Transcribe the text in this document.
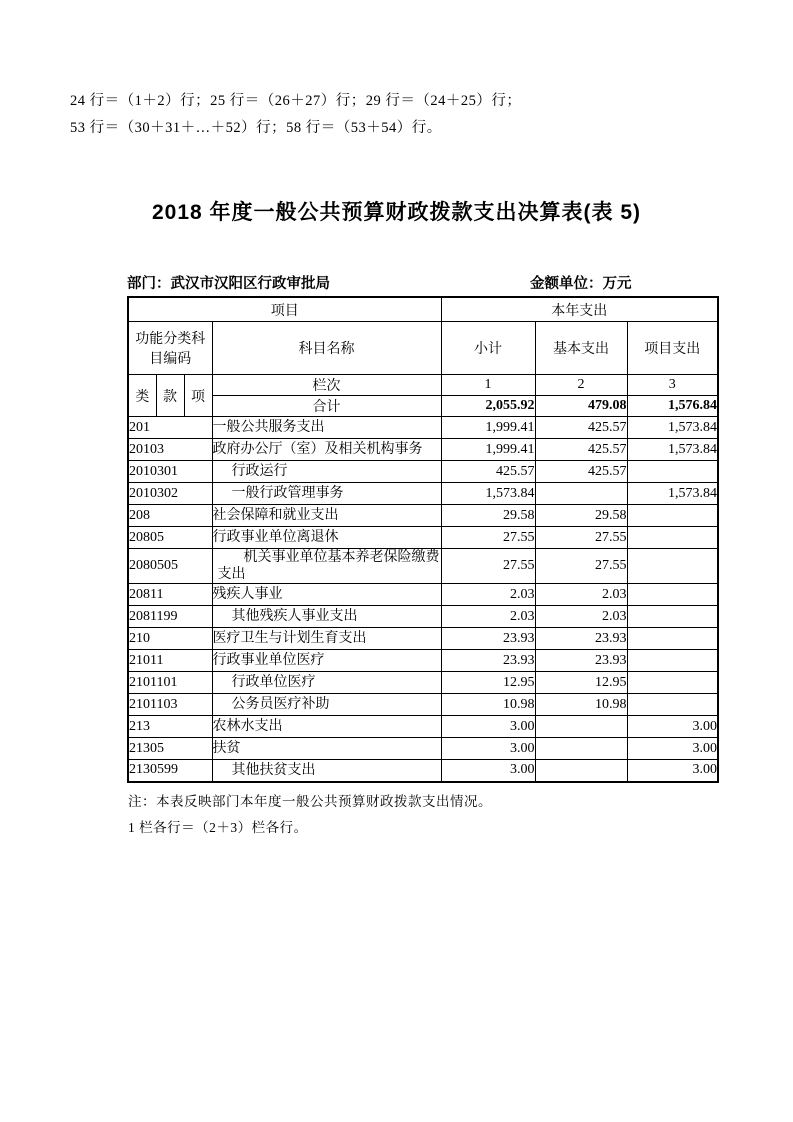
24 行＝（1＋2）行；25 行＝（26＋27）行；29 行＝（24＋25）行；
53 行＝（30＋31＋…＋52）行；58 行＝（53＋54）行。
2018 年度一般公共预算财政拨款支出决算表(表 5)
部门：武汉市汉阳区行政审批局	金额单位：万元
项目				本年支出		
功能分类科目编码			科目名称	小计	基本支出	项目支出
类	款	项	栏次	1	2	3
			合计	2,055.92	479.08	1,576.84
201			一般公共服务支出	1,999.41	425.57	1,573.84
20103			政府办公厅（室）及相关机构事务	1,999.41	425.57	1,573.84
2010301			行政运行	425.57	425.57	
2010302			一般行政管理事务	1,573.84		1,573.84
208			社会保障和就业支出	29.58	29.58	
20805			行政事业单位离退休	27.55	27.55	
2080505			机关事业单位基本养老保险缴费支出	27.55	27.55	
20811			残疾人事业	2.03	2.03	
2081199			其他残疾人事业支出	2.03	2.03	
210			医疗卫生与计划生育支出	23.93	23.93	
21011			行政事业单位医疗	23.93	23.93	
2101101			行政单位医疗	12.95	12.95	
2101103			公务员医疗补助	10.98	10.98	
213			农林水支出	3.00		3.00
21305			扶贫	3.00		3.00
2130599			其他扶贫支出	3.00		3.00
注：本表反映部门本年度一般公共预算财政拨款支出情况。
1 栏各行＝（2＋3）栏各行。
